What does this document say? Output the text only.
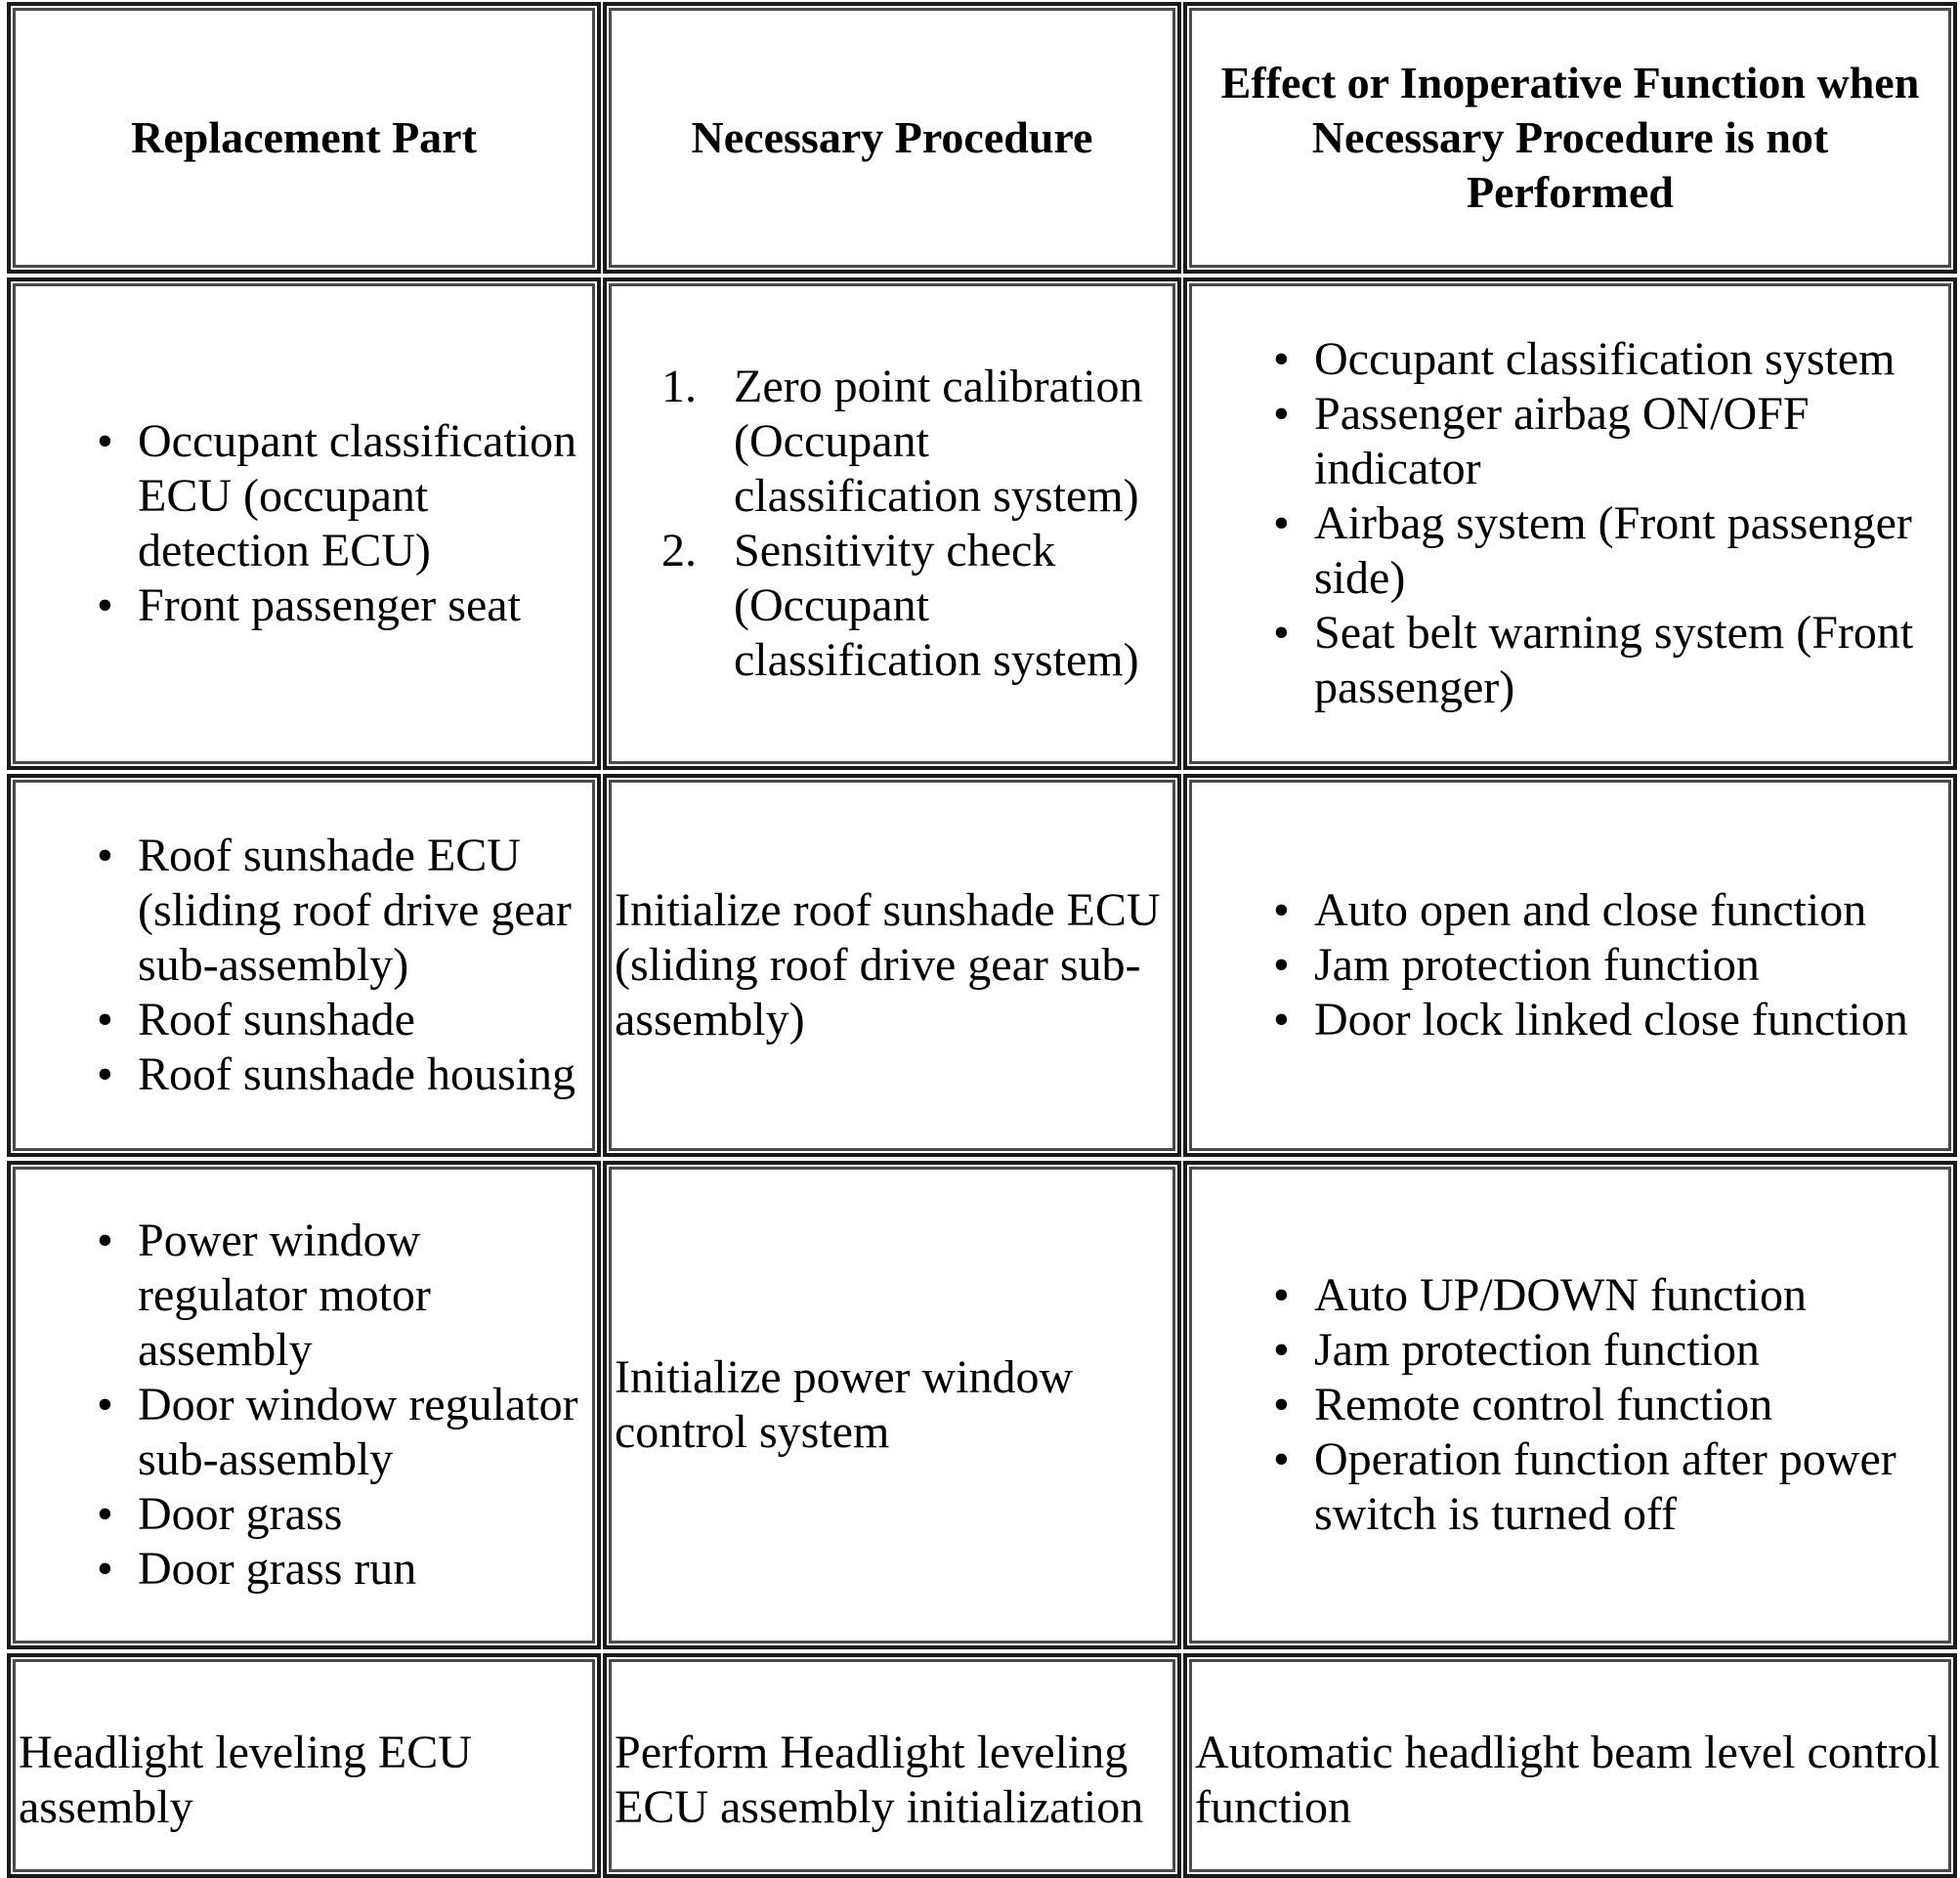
Replacement Part	Necessary Procedure
Effect or Inoperative Function when Necessary Procedure is not Performed
• Occupant classification ECU (occupant detection ECU)
• Front passenger seat
1. Zero point calibration (Occupant classification system)
2. Sensitivity check (Occupant classification system)
• Occupant classification system
• Passenger airbag ON/OFF indicator
• Airbag system (Front passenger side)
• Seat belt warning system (Front passenger)
• Roof sunshade ECU (sliding roof drive gear sub-assembly)
• Roof sunshade
• Roof sunshade housing
Initialize roof sunshade ECU (sliding roof drive gear sub-assembly)
• Auto open and close function
• Jam protection function
• Door lock linked close function
• Power window regulator motor assembly
• Door window regulator sub-assembly
• Door grass
• Door grass run
Initialize power window control system
• Auto UP/DOWN function
• Jam protection function
• Remote control function
• Operation function after power switch is turned off
Headlight leveling ECU assembly
Perform Headlight leveling ECU assembly initialization
Automatic headlight beam level control function
